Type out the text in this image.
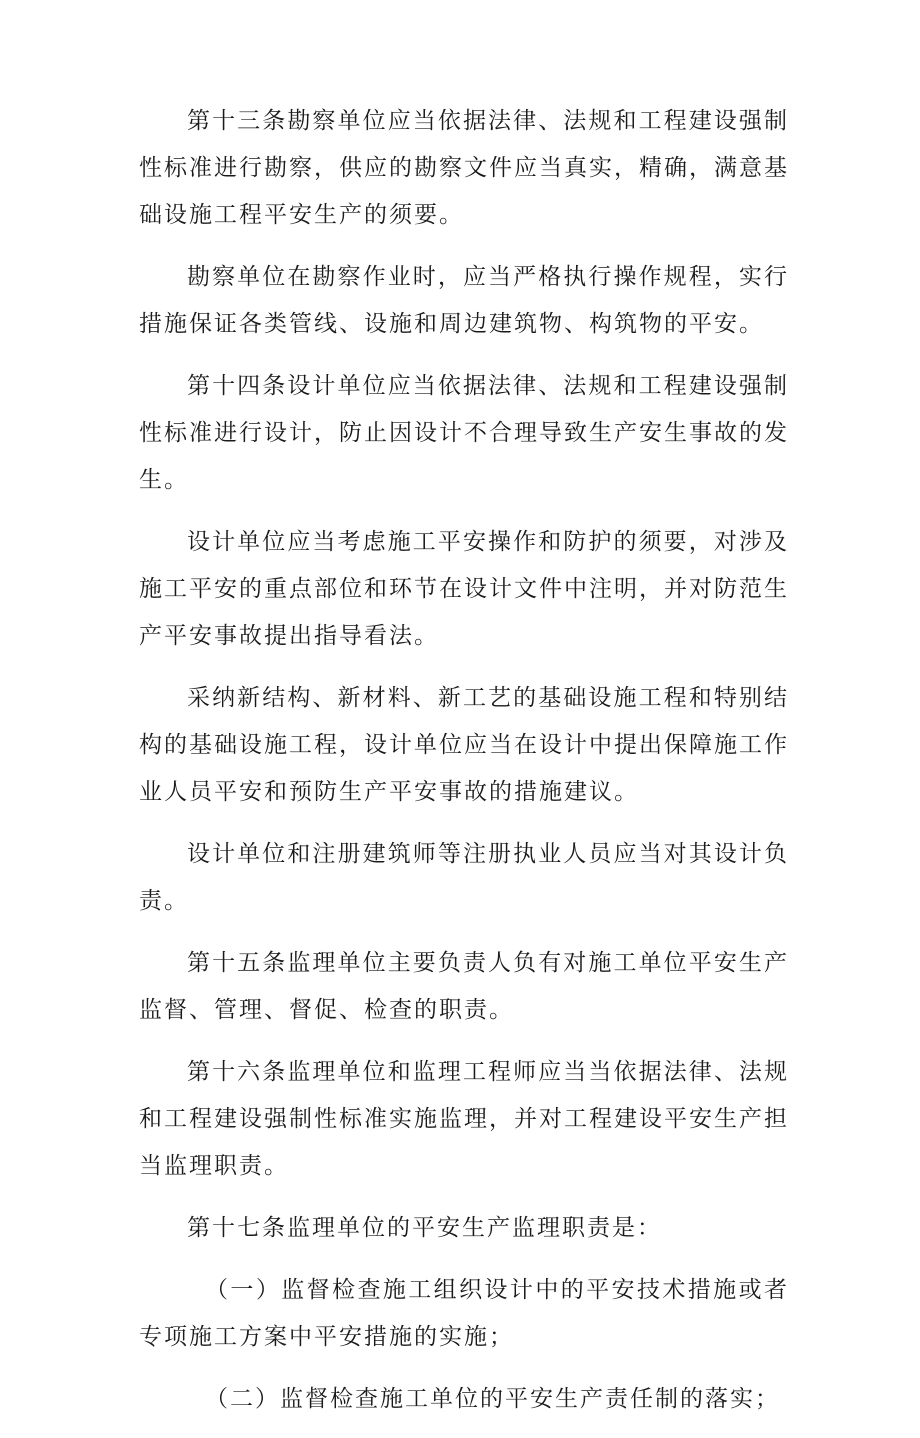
第十三条勘察单位应当依据法律、法规和工程建设强制性标准进行勘察，供应的勘察文件应当真实，精确，满意基础设施工程平安生产的须要。

勘察单位在勘察作业时，应当严格执行操作规程，实行措施保证各类管线、设施和周边建筑物、构筑物的平安。

第十四条设计单位应当依据法律、法规和工程建设强制性标准进行设计，防止因设计不合理导致生产安生事故的发生。

设计单位应当考虑施工平安操作和防护的须要，对涉及施工平安的重点部位和环节在设计文件中注明，并对防范生产平安事故提出指导看法。

采纳新结构、新材料、新工艺的基础设施工程和特别结构的基础设施工程，设计单位应当在设计中提出保障施工作业人员平安和预防生产平安事故的措施建议。

设计单位和注册建筑师等注册执业人员应当对其设计负责。

第十五条监理单位主要负责人负有对施工单位平安生产监督、管理、督促、检查的职责。

第十六条监理单位和监理工程师应当当依据法律、法规和工程建设强制性标准实施监理，并对工程建设平安生产担当监理职责。

第十七条监理单位的平安生产监理职责是：

（一）监督检查施工组织设计中的平安技术措施或者专项施工方案中平安措施的实施；

（二）监督检查施工单位的平安生产责任制的落实；
